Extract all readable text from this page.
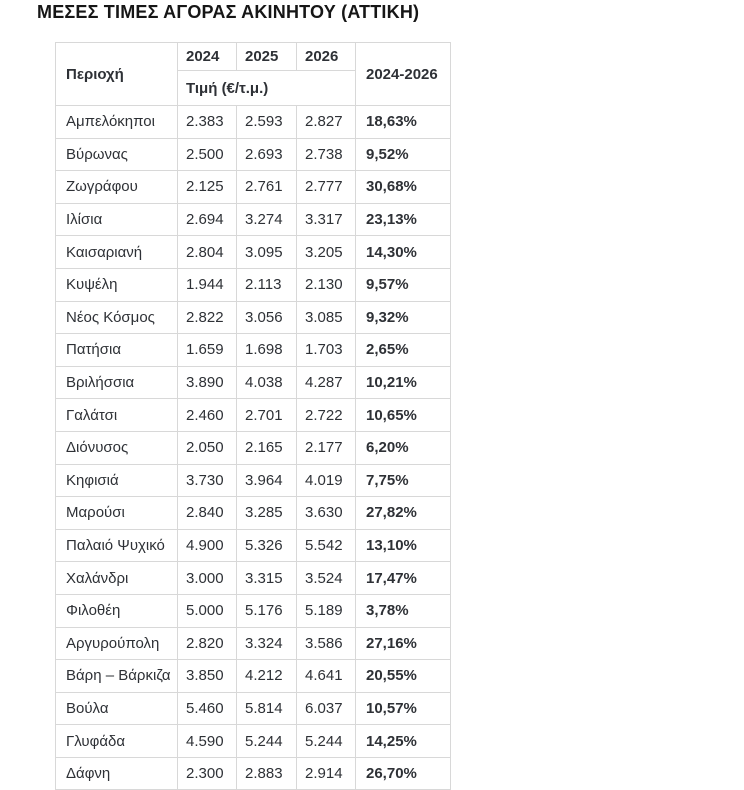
ΜΕΣΕΣ ΤΙΜΕΣ ΑΓΟΡΑΣ ΑΚΙΝΗΤΟΥ (ΑΤΤΙΚΗ)
Περιοχή	2024	2025	2026	2024-2026
	Τιμή (€/τ.μ.)			
Αμπελόκηποι	2.383	2.593	2.827	18,63%
Βύρωνας	2.500	2.693	2.738	9,52%
Ζωγράφου	2.125	2.761	2.777	30,68%
Ιλίσια	2.694	3.274	3.317	23,13%
Καισαριανή	2.804	3.095	3.205	14,30%
Κυψέλη	1.944	2.113	2.130	9,57%
Νέος Κόσμος	2.822	3.056	3.085	9,32%
Πατήσια	1.659	1.698	1.703	2,65%
Βριλήσσια	3.890	4.038	4.287	10,21%
Γαλάτσι	2.460	2.701	2.722	10,65%
Διόνυσος	2.050	2.165	2.177	6,20%
Κηφισιά	3.730	3.964	4.019	7,75%
Μαρούσι	2.840	3.285	3.630	27,82%
Παλαιό Ψυχικό	4.900	5.326	5.542	13,10%
Χαλάνδρι	3.000	3.315	3.524	17,47%
Φιλοθέη	5.000	5.176	5.189	3,78%
Αργυρούπολη	2.820	3.324	3.586	27,16%
Βάρη – Βάρκιζα	3.850	4.212	4.641	20,55%
Βούλα	5.460	5.814	6.037	10,57%
Γλυφάδα	4.590	5.244	5.244	14,25%
Δάφνη	2.300	2.883	2.914	26,70%
